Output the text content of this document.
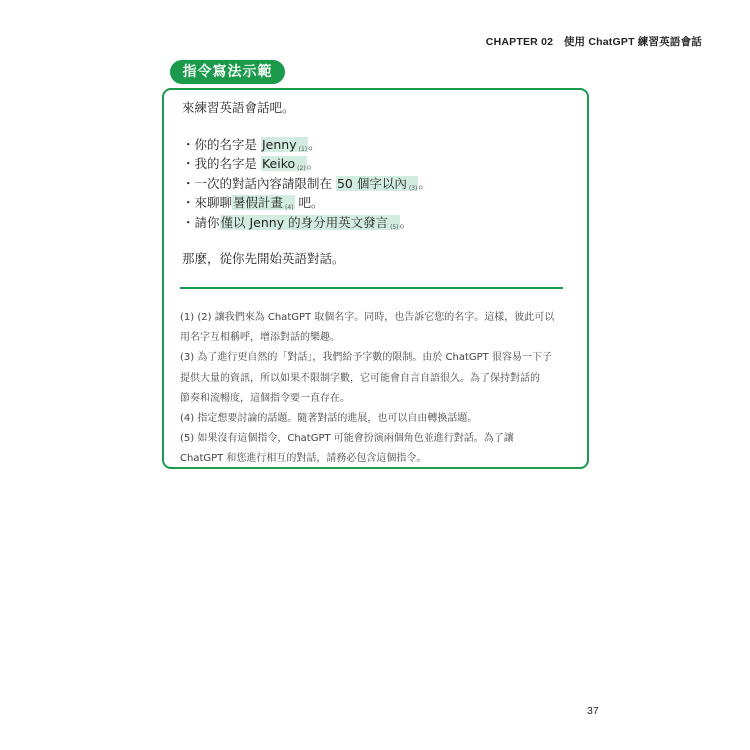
CHAPTER 02　使用 ChatGPT 練習英語會話
指令寫法示範
來練習英語會話吧。
・你的名字是 Jenny $_{(1)}$。
・我的名字是 Keiko $_{(2)}$。
・一次的對話內容請限制在 50 個字以內 $_{(3)}$。
・來聊聊暑假計畫 $_{(4)}$ 吧。
・請你僅以 Jenny 的身分用英文發言 $_{(5)}$。
那麼，從你先開始英語對話。
(1) (2) 讓我們來為 ChatGPT 取個名字。同時，也告訴它您的名字。這樣，彼此可以
用名字互相稱呼，增添對話的樂趣。
(3) 為了進行更自然的「對話」，我們給予字數的限制。由於 ChatGPT 很容易一下子
提供大量的資訊，所以如果不限制字數，它可能會自言自語很久。為了保持對話的
節奏和流暢度，這個指令要一直存在。
(4) 指定想要討論的話題。隨著對話的進展，也可以自由轉換話題。
(5) 如果沒有這個指令，ChatGPT 可能會扮演兩個角色並進行對話。為了讓
ChatGPT 和您進行相互的對話，請務必包含這個指令。
37
